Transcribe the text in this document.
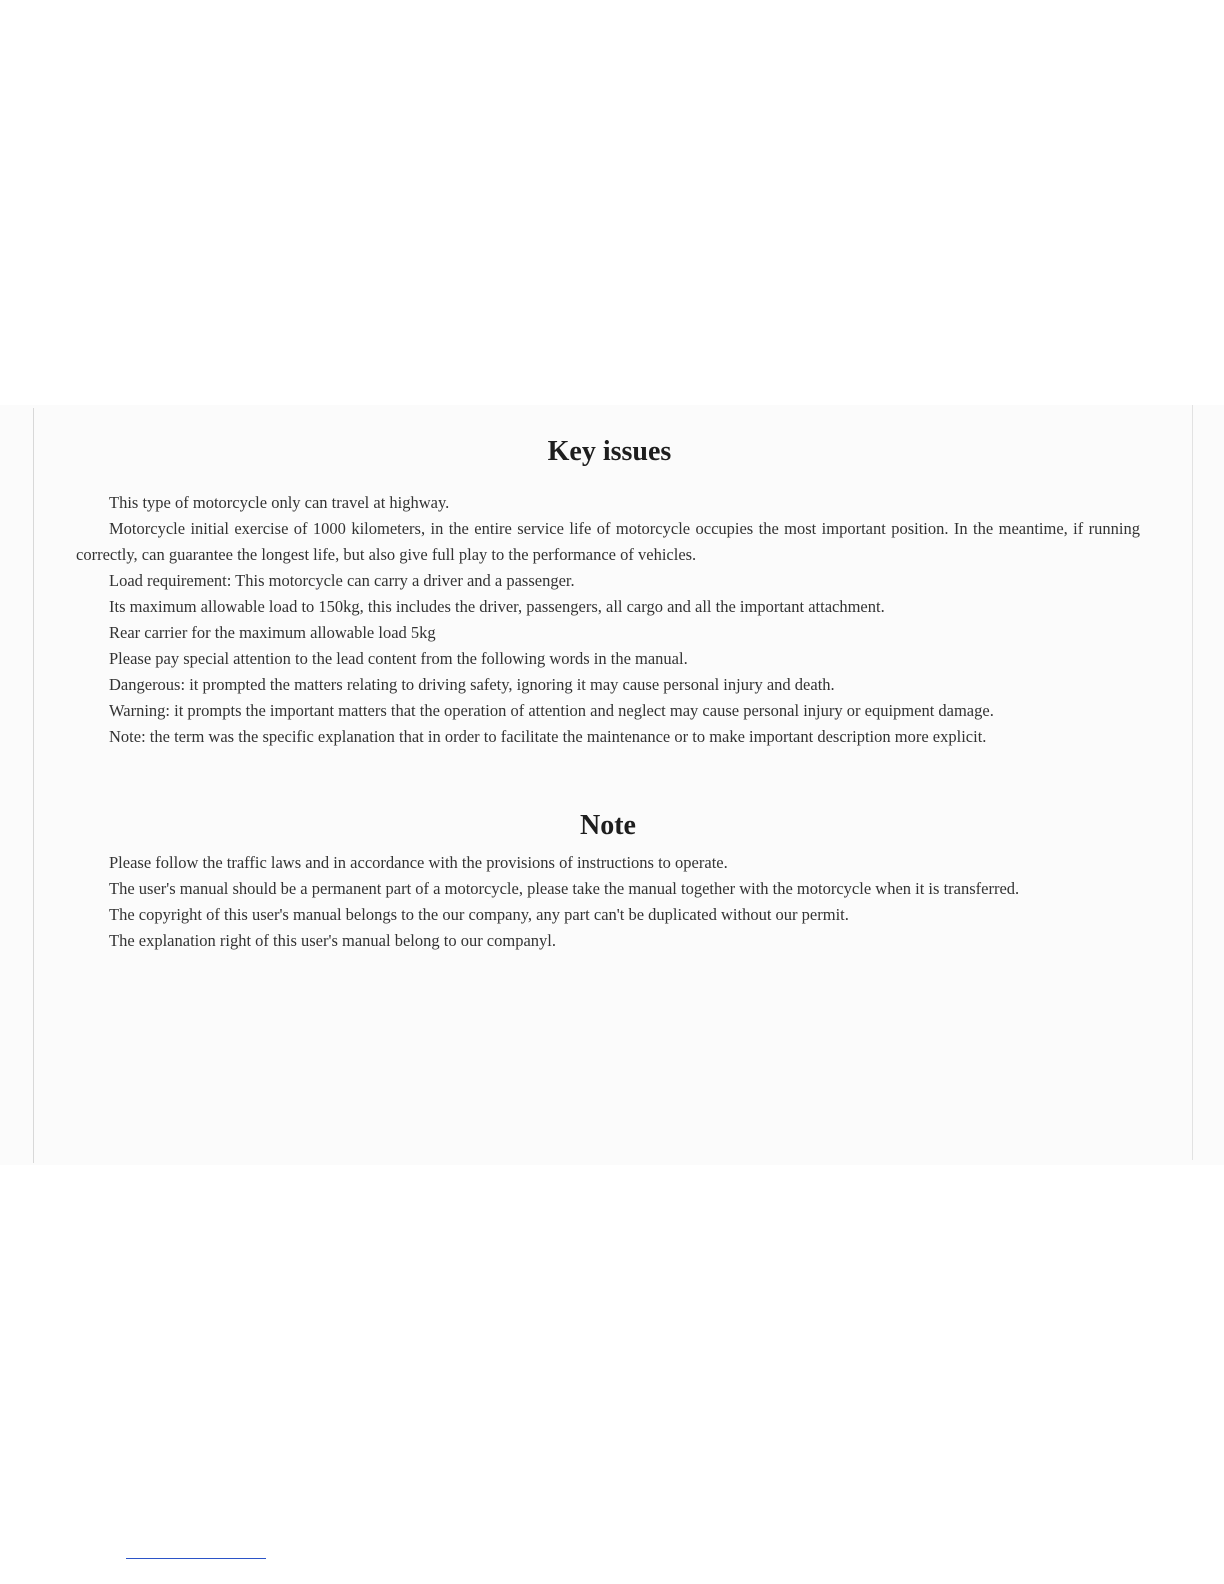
Key issues

This type of motorcycle only can travel at highway.

Motorcycle initial exercise of 1000 kilometers, in the entire service life of motorcycle occupies the most important position. In the meantime, if running correctly, can guarantee the longest life, but also give full play to the performance of vehicles.

Load requirement: This motorcycle can carry a driver and a passenger.

Its maximum allowable load to 150kg, this includes the driver, passengers, all cargo and all the important attachment.

Rear carrier for the maximum allowable load 5kg

Please pay special attention to the lead content from the following words in the manual.

Dangerous: it prompted the matters relating to driving safety, ignoring it may cause personal injury and death.

Warning: it prompts the important matters that the operation of attention and neglect may cause personal injury or equipment damage.

Note: the term was the specific explanation that in order to facilitate the maintenance or to make important description more explicit.

Note

Please follow the traffic laws and in accordance with the provisions of instructions to operate.

The user's manual should be a permanent part of a motorcycle, please take the manual together with the motorcycle when it is transferred.

The copyright of this user's manual belongs to the our company, any part can't be duplicated without our permit.

The explanation right of this user's manual belong to our companyl.
